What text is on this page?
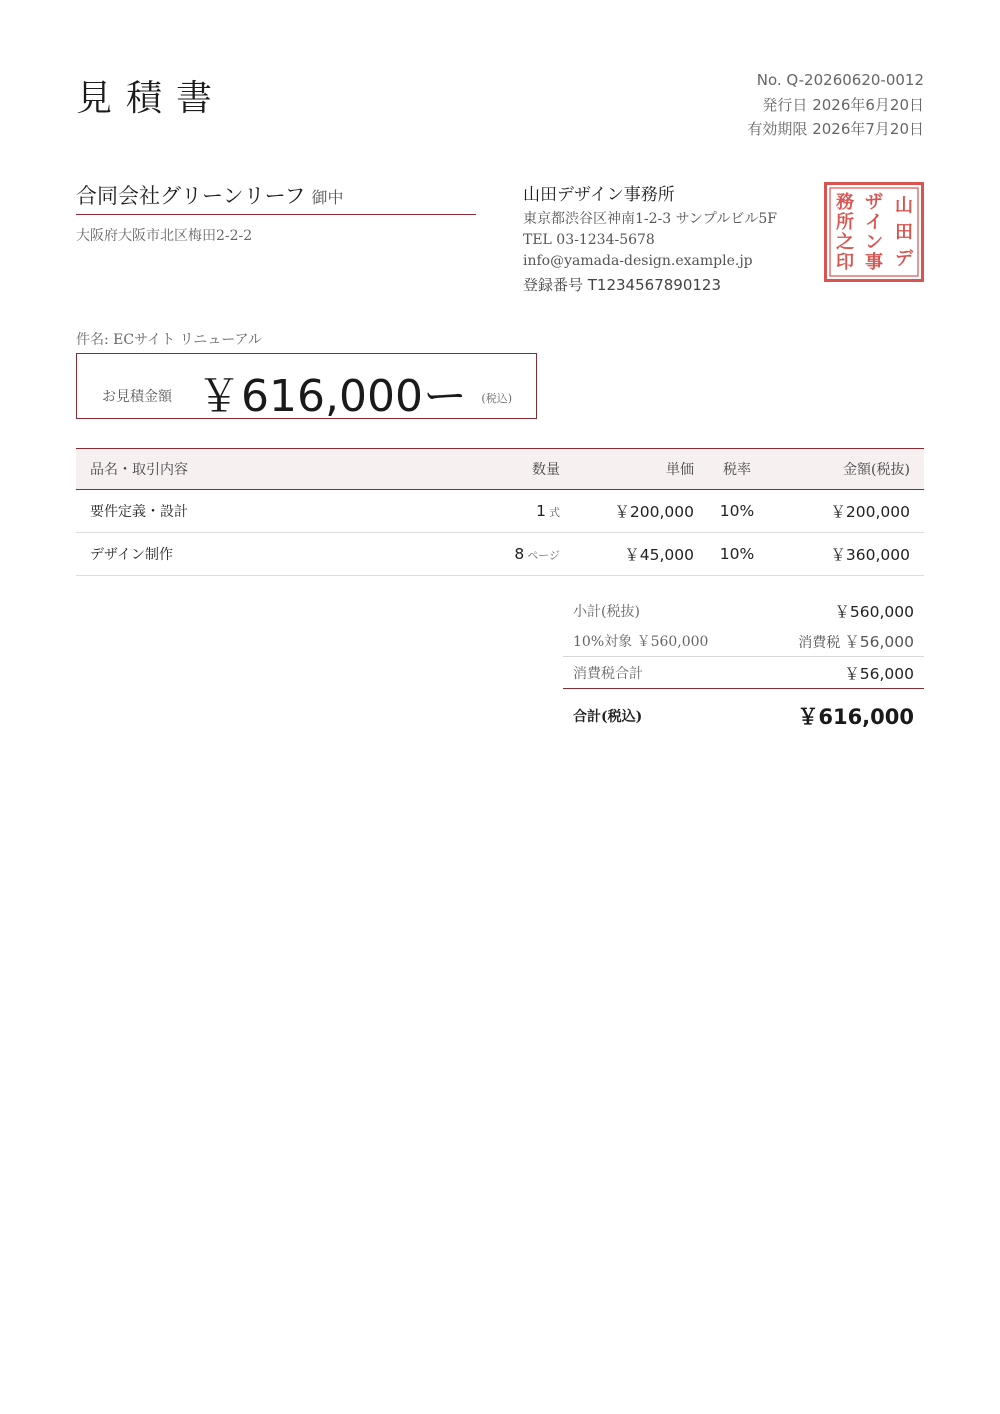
見積書	No. Q-20260620-0012
発行日 2026年6月20日
有効期限 2026年7月20日
合同会社グリーンリーフ 御中
大阪府大阪市北区梅田2-2-2
山田デザイン事務所
東京都渋谷区神南1-2-3 サンプルビル5F
TEL 03-1234-5678
info@yamada-design.example.jp
登録番号 T1234567890123
山
田
デ
ザ
イ
ン
事
務
所
之
印
件名: ECサイト リニューアル
お見積金額 ￥616,000ー (税込)
品名・取引内容	数量	単価	税率	金額(税抜)
要件定義・設計	1 式	￥200,000	10%	￥200,000
デザイン制作	8 ページ	￥45,000	10%	￥360,000
小計(税抜)	￥560,000
10%対象 ￥560,000	消費税 ￥56,000
消費税合計	￥56,000
合計(税込)	￥616,000
